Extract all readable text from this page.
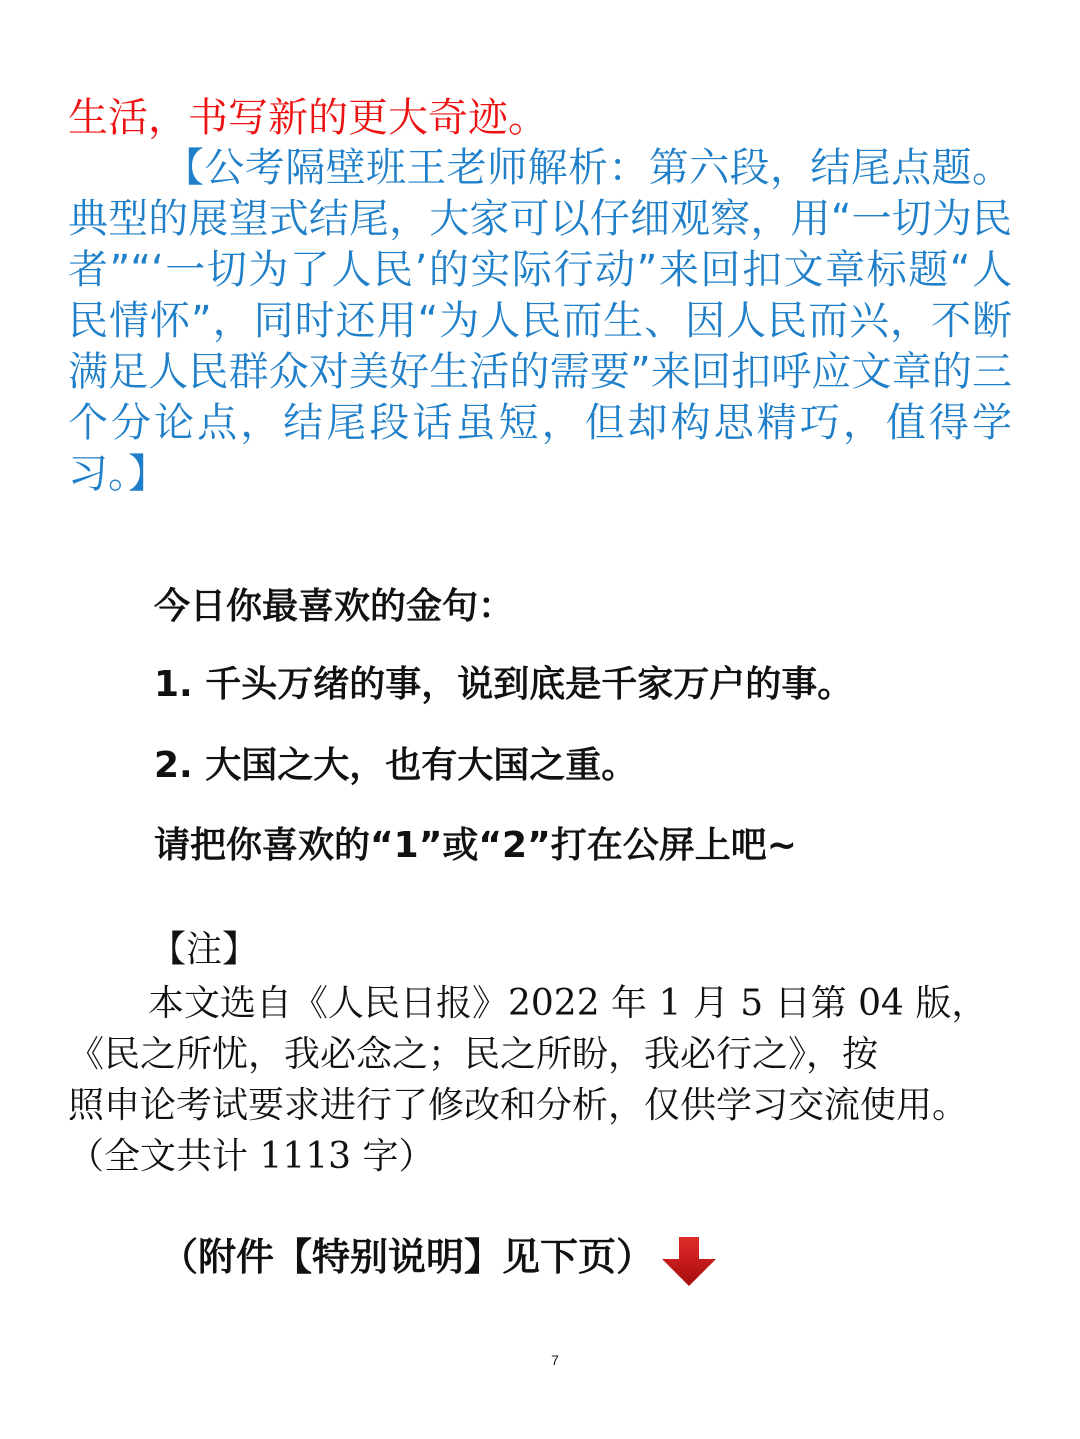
生活，书写新的更大奇迹。
【公考隔壁班王老师解析：第六段，结尾点题。典型的展望式结尾，大家可以仔细观察，用“一切为民者”“‘一切为了人民’的实际行动”来回扣文章标题“人民情怀”，同时还用“为人民而生、因人民而兴，不断满足人民群众对美好生活的需要”来回扣呼应文章的三个分论点，结尾段话虽短，但却构思精巧，值得学习。】
今日你最喜欢的金句：
1. 千头万绪的事，说到底是千家万户的事。
2. 大国之大，也有大国之重。
请把你喜欢的“1”或“2”打在公屏上吧~
【注】
本文选自《人民日报》2022 年 1 月 5 日第 04 版，
《民之所忧，我必念之；民之所盼，我必行之》，按
照申论考试要求进行了修改和分析，仅供学习交流使用。
（全文共计 1113 字）
（附件【特别说明】见下页）
7
